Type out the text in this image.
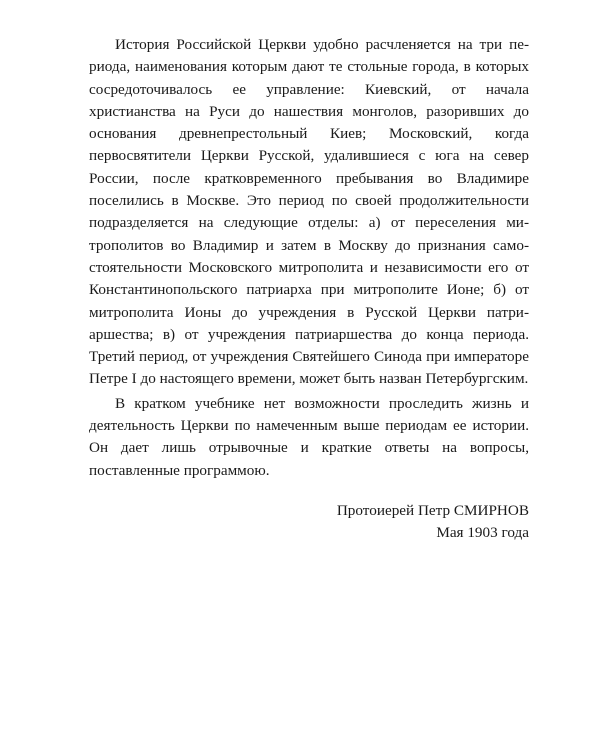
История Российской Церкви удобно расчленяется на три периода, наименования которым дают те стольные города, в которых сосредоточивалось ее управление: Киевский, от начала христианства на Руси до нашествия монголов, разоривших до основания древнепрестольный Киев; Московский, когда первосвятители Церкви Русской, удалившиеся с юга на север России, после кратковременного пребывания во Владимире поселились в Москве. Это период по своей продолжительности подразделяется на следующие отделы: а) от переселения митрополитов во Владимир и затем в Москву до признания самостоятельности Московского митрополита и независимости его от Константинопольского патриарха при митрополите Ионе; б) от митрополита Ионы до учреждения в Русской Церкви патриаршества; в) от учреждения патриаршества до конца периода. Третий период, от учреждения Святейшего Синода при императоре Петре I до настоящего времени, может быть назван Петербургским.

В кратком учебнике нет возможности проследить жизнь и деятельность Церкви по намеченным выше периодам ее истории. Он дает лишь отрывочные и краткие ответы на вопросы, поставленные программою.

Протоиерей Петр СМИРНОВ
Мая 1903 года
